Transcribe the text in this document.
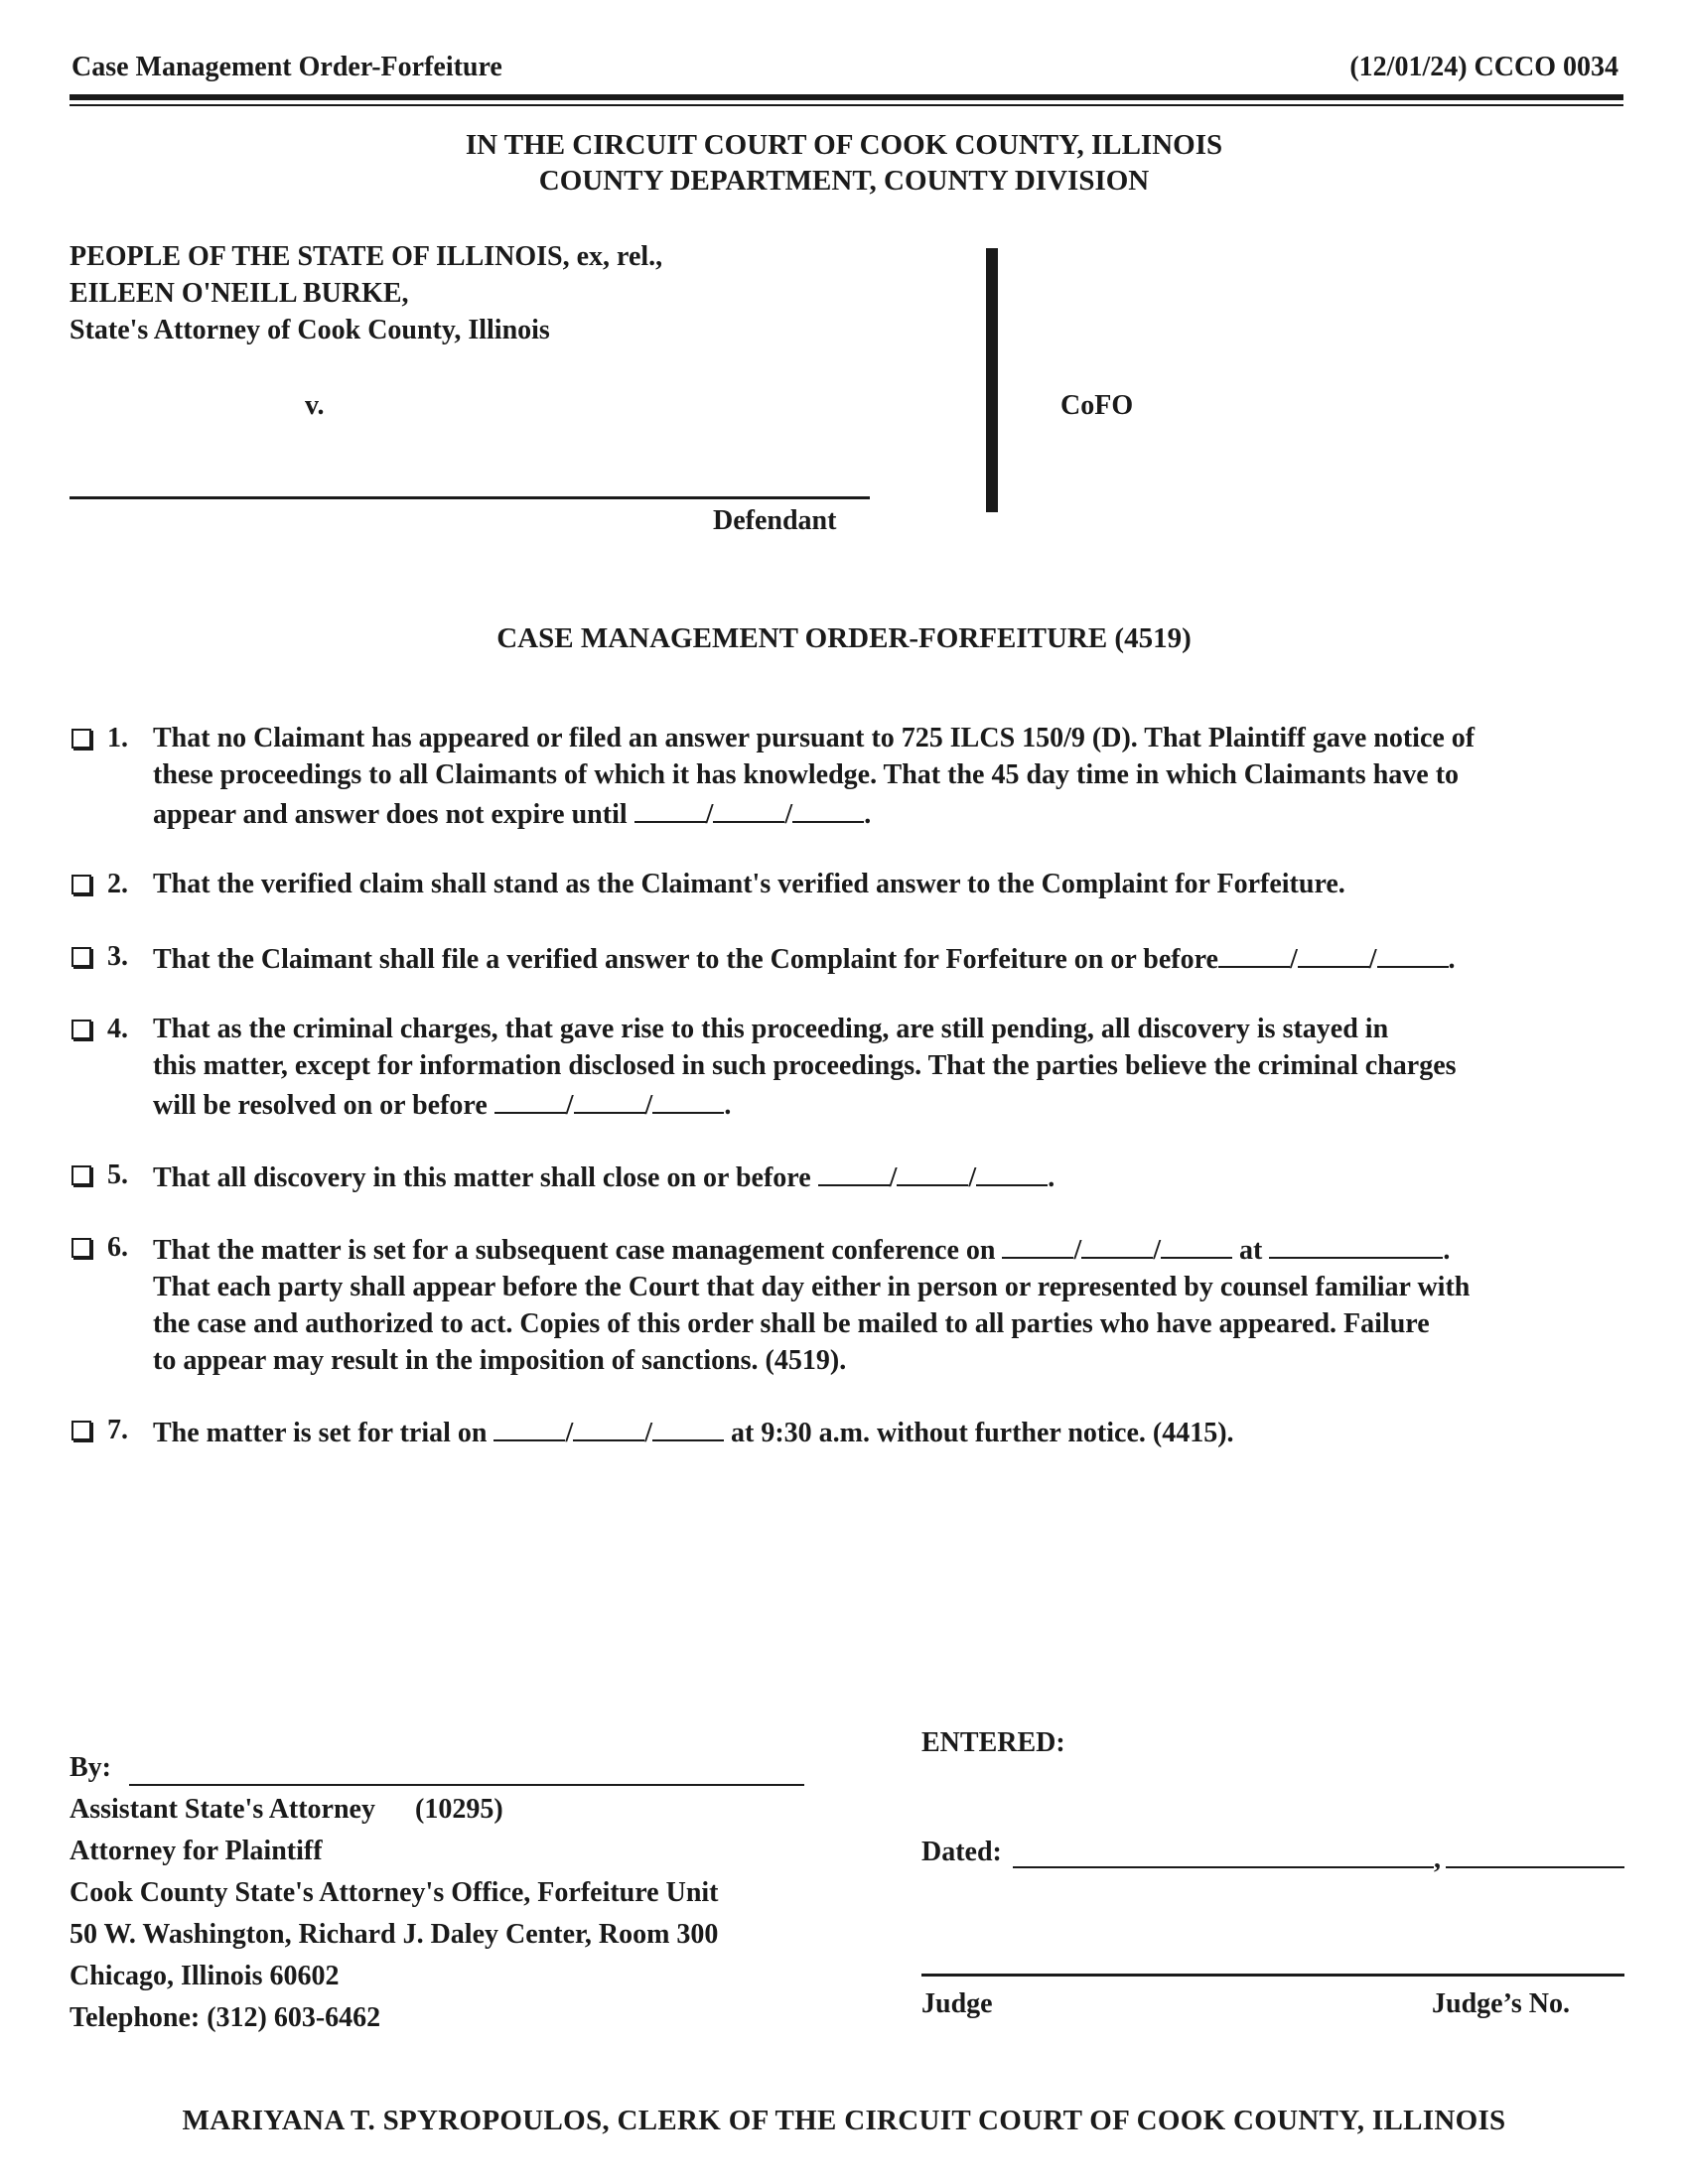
Case Management Order-Forfeiture	(12/01/24) CCCO 0034
IN THE CIRCUIT COURT OF COOK COUNTY, ILLINOIS
COUNTY DEPARTMENT, COUNTY DIVISION
PEOPLE OF THE STATE OF ILLINOIS, ex, rel.,
EILEEN O'NEILL BURKE,
State's Attorney of Cook County, Illinois
v.
Defendant
CoFO
CASE MANAGEMENT ORDER-FORFEITURE (4519)
1. That no Claimant has appeared or filed an answer pursuant to 725 ILCS 150/9 (D). That Plaintiff gave notice of
these proceedings to all Claimants of which it has knowledge. That the 45 day time in which Claimants have to
appear and answer does not expire until	/	/	.
2. That the verified claim shall stand as the Claimant's verified answer to the Complaint for Forfeiture.
3. That the Claimant shall file a verified answer to the Complaint for Forfeiture on or before	/	/	.
4. That as the criminal charges, that gave rise to this proceeding, are still pending, all discovery is stayed in
this matter, except for information disclosed in such proceedings. That the parties believe the criminal charges
will be resolved on or before	/	/	.
5. That all discovery in this matter shall close on or before	/	/	.
6. That the matter is set for a subsequent case management conference on	/	/	at	.
That each party shall appear before the Court that day either in person or represented by counsel familiar with
the case and authorized to act. Copies of this order shall be mailed to all parties who have appeared. Failure
to appear may result in the imposition of sanctions. (4519).
7. The matter is set for trial on	/	/	at 9:30 a.m. without further notice. (4415).
By:
Assistant State's Attorney (10295)
Attorney for Plaintiff
Cook County State's Attorney's Office, Forfeiture Unit
50 W. Washington, Richard J. Daley Center, Room 300
Chicago, Illinois 60602
Telephone: (312) 603-6462
ENTERED:
Dated:	,
Judge	Judge’s No.
MARIYANA T. SPYROPOULOS, CLERK OF THE CIRCUIT COURT OF COOK COUNTY, ILLINOIS
